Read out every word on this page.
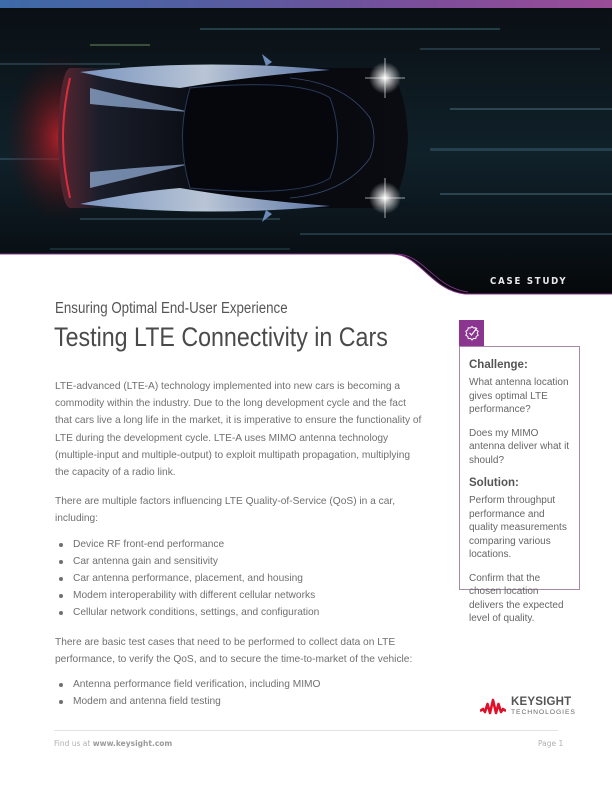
CASE STUDY
Ensuring Optimal End-User Experience
Testing LTE Connectivity in Cars

LTE-advanced (LTE-A) technology implemented into new cars is becoming a commodity within the industry. Due to the long development cycle and the fact that cars live a long life in the market, it is imperative to ensure the functionality of LTE during the development cycle. LTE-A uses MIMO antenna technology (multiple-input and multiple-output) to exploit multipath propagation, multiplying the capacity of a radio link.

There are multiple factors influencing LTE Quality-of-Service (QoS) in a car, including:

Device RF front-end performance
Car antenna gain and sensitivity
Car antenna performance, placement, and housing
Modem interoperability with different cellular networks
Cellular network conditions, settings, and configuration

There are basic test cases that need to be performed to collect data on LTE performance, to verify the QoS, and to secure the time-to-market of the vehicle:

Antenna performance field verification, including MIMO
Modem and antenna field testing
Challenge:

What antenna location gives optimal LTE performance?

Does my MIMO antenna deliver what it should?

Solution:

Perform throughput performance and quality measurements comparing various locations.

Confirm that the chosen location delivers the expected level of quality.

KEYSIGHT
TECHNOLOGIES
Find us at www.keysight.com	Page 1
